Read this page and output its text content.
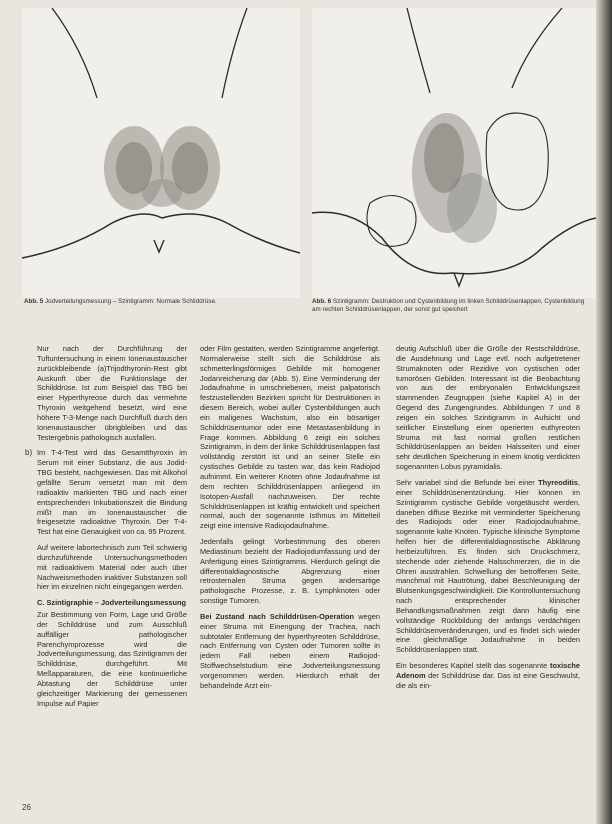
Abb. 5 Jodverteilungsmessung – Szintigramm: Normale Schilddrüse.	Abb. 6 Szintigramm: Destruktion und Cystenbildung im linken Schilddrüsenlappen, Cystenbildung am rechten Schilddrüsenlappen, der sonst gut speichert

Nur nach der Durchführung der Tuftuntersuchung in einem Ionenaustauscher zurückbleibende (a)Trijodthyronin-Rest gibt Auskunft über die Funktionslage der Schilddrüse. Ist zum Beispiel das TBG bei einer Hyperthyreose durch das vermehrte Thyroxin weitgehend besetzt, wird eine höhere T-3-Menge nach Durchfluß durch den Ionenaustauscher übrigbleiben und das Testergebnis pathologisch ausfallen.

b) Im T-4-Test wird das Gesamtthyroxin im Serum mit einer Substanz, die aus Jodid-TBG besteht, nachgewiesen. Das mit Alkohol gefällte Serum versetzt man mit dem radioaktiv markierten TBG und nach einer entsprechenden Inkubationszeit die Bindung mißt man im Ionenaustauscher die freigesetzte radioaktive Thyroxin. Der T-4-Test hat eine Genauigkeit von ca. 95 Prozent.

Auf weitere labortechnisch zum Teil schwierig durchzuführende Untersuchungsmethoden mit radioaktivem Material oder auch über Nachweismethoden inaktiver Substanzen soll hier im einzelnen nicht eingegangen werden.

C. Szintigraphie – Jodverteilungsmessung

Zur Bestimmung von Form, Lage und Größe der Schilddrüse und zum Ausschluß auffälliger pathologischer Parenchymprozesse wird die Jodverteilungsmessung, das Szintigramm der Schilddrüse, durchgeführt. Mit Meßapparaturen, die eine kontinuierliche Abtastung der Schilddrüse unter gleichzeitiger Markierung der gemessenen Impulse auf Papier

oder Film gestatten, werden Szintigramme angefertigt. Normalerweise stellt sich die Schilddrüse als schmetterlingsförmiges Gebilde mit homogener Jodanreicherung dar (Abb. 5). Eine Verminderung der Jodaufnahme in umschriebenen, meist palpatorisch festzustellenden Bezirken spricht für Destruktionen in diesem Bereich, wobei außer Cystenbildungen auch ein maligenes Wachstum, also ein bösartiger Schilddrüsentumor oder eine Metastasenbildung in Frage kommen. Abbildung 6 zeigt ein solches Szintigramm, in dem der linke Schilddrüsenlappen fast vollständig zerstört ist und an seiner Stelle ein cystisches Gebilde zu tasten war, das kein Radiojod aufnimmt. Ein weiterer Knoten ohne Jodaufnahme ist dem rechten Schilddrüsenlappen anliegend im Isotopen-Ausfall nachzuweisen. Der rechte Schilddrüsenlappen ist kräftig entwickelt und speichert normal, auch der sogenannte Isthmus im Mittelteil zeigt eine intensive Radiojodaufnahme.

Jedenfalls gelingt Vorbestimmung des oberen Mediastinum bezieht der Radiojodumfassung und der Anfertigung eines Szintigramms. Hierdurch gelingt die differentialdiagnostische Abgrenzung einer retrosternalen Struma gegen andersartige pathologische Prozesse, z. B. Lymphknoten oder sonstige Tumoren.

Bei Zustand nach Schilddrüsen-Operation wegen einer Struma mit Einengung der Trachea, nach subtotaler Entfernung der hyperthyreoten Schilddrüse, nach Entfernung von Cysten oder Tumoren sollte in jedem Fall neben einem Radiojod-Stoffwechselstudium eine Jodverteilungsmessung vorgenommen werden. Hierdurch erhält der behandelnde Arzt ein-

deutig Aufschluß über die Größe der Restschilddrüse, die Ausdehnung und Lage evtl. noch aufgetretener Strumaknoten oder Rezidive von cystischen oder tumorösen Gebilden. Interessant ist die Beobachtung von aus der embryonalen Entwicklungszeit stammenden Zeugruppen (siehe Kapitel A) in der Gegend des Zungengrundes. Abbildungen 7 und 8 zeigen ein solches Szintigramm in Aufsicht und seitlicher Einstellung einer operierten euthyreoten Struma mit fast normal großen restlichen Schilddrüsenlappen an beiden Halsseiten und einer sehr deutlichen Speicherung in einem knotig verdickten sogenannten Lobus pyramidalis.

Sehr variabel sind die Befunde bei einer Thyreoditis, einer Schilddrüsenentzündung. Hier können im Szintigramm cystische Gebilde vorgetäuscht werden, daneben diffuse Bezirke mit verminderter Speicherung des Radiojods oder einer Radiojodaufnahme, sogenannte kalte Knoten. Typische klinische Symptome helfen hier die differentialdiagnostische Abklärung herbeizuführen. Es finden sich Druckschmerz, stechende oder ziehende Halsschmerzen, die in die Ohren ausstrahlen. Schwellung der betroffenen Seite, manchmal mit Hautrötung, dabei Beschleunigung der Blutsenkungsgeschwindigkeit. Die Kontrolluntersuchung nach entsprechender klinischer Behandlungsmaßnahmen zeigt dann häufig eine vollständige Rückbildung der anfangs verdächtigen Schilddrüsenveränderungen, und es findet sich wieder eine gleichmäßige Jodaufnahme in beiden Schilddrüsenlappen statt.

Ein besonderes Kapitel stellt das sogenannte toxische Adenom der Schilddrüse dar. Das ist eine Geschwulst, die als ein-

26
